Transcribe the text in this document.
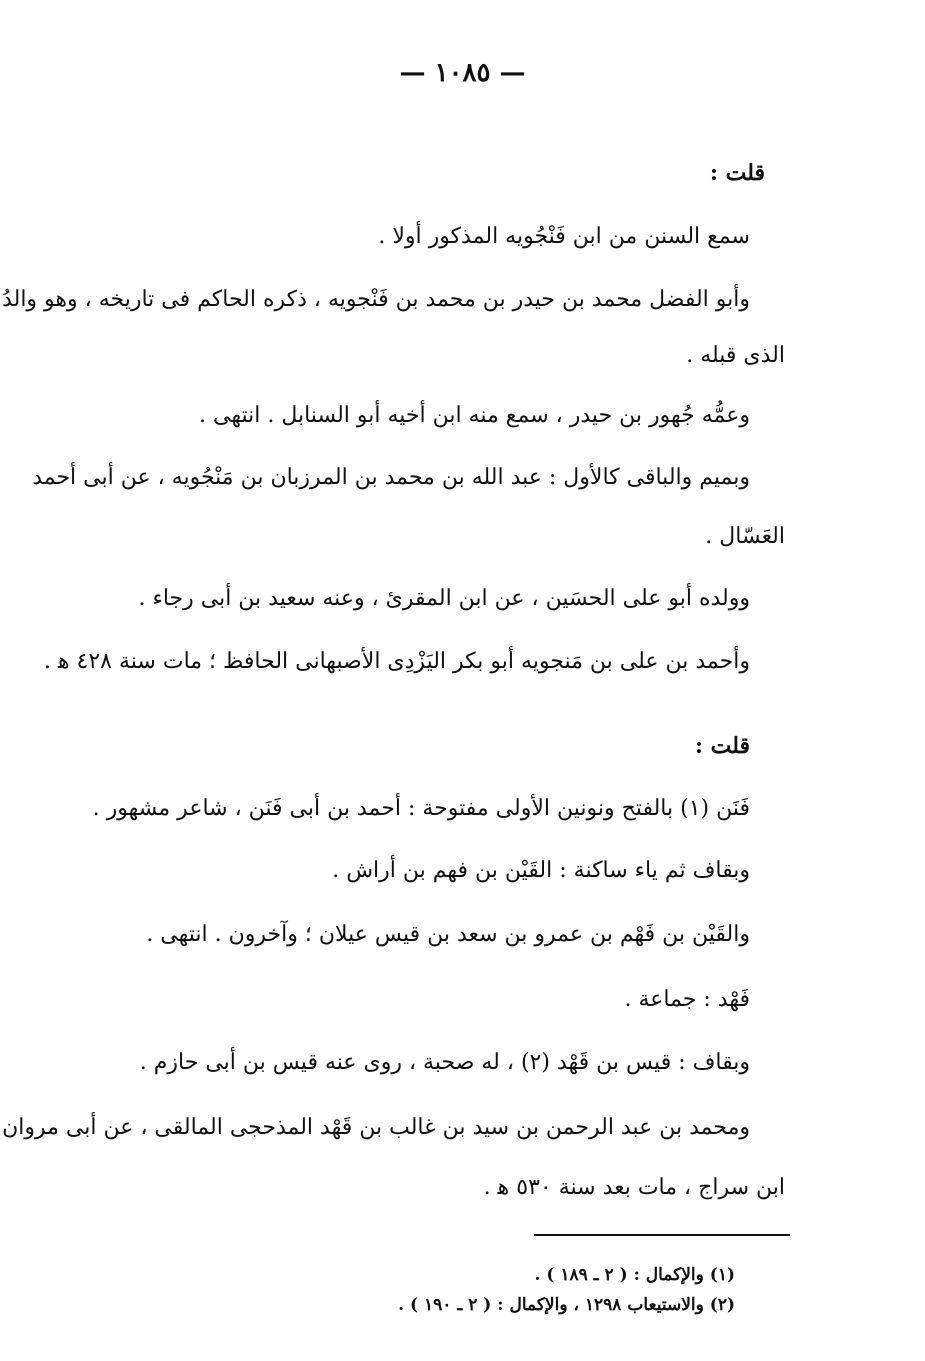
— ١٠٨٥ —
قلت :
سمع السنن من ابن فَنْجُويه المذكور أولا .
وأبو الفضل محمد بن حيدر بن محمد بن فَنْجويه ، ذكره الحاكم فى تاريخه ، وهو والدُ
الذى قبله .
وعمُّه جُهور بن حيدر ، سمع منه ابن أخيه أبو السنابل . انتهى .
وبميم والباقى كالأول : عبد الله بن محمد بن المرزبان بن مَنْجُويه ، عن أبى أحمد
العَسّال .
وولده أبو على الحسَين ، عن ابن المقرئ ، وعنه سعيد بن أبى رجاء .
وأحمد بن على بن مَنجويه أبو بكر اليَزْدِى الأصبهانى الحافظ ؛ مات سنة ٤٢٨ ﻫ .
قلت :
فَنَن (١) بالفتح ونونين الأولى مفتوحة : أحمد بن أبى فَنَن ، شاعر مشهور .
وبقاف ثم ياء ساكنة : القَيْن بن فهم بن أراش .
والقَيْن بن فَهْم بن عمرو بن سعد بن قيس عيلان ؛ وآخرون . انتهى .
فَهْد : جماعة .
وبقاف : قيس بن قَهْد (٢) ، له صحبة ، روى عنه قيس بن أبى حازم .
ومحمد بن عبد الرحمن بن سيد بن غالب بن قَهْد المذحجى المالقى ، عن أبى مروان
ابن سراج ، مات بعد سنة ٥٣٠ ﻫ .
(١) والإكمال : ( ٢ ـ ١٨٩ ) .
(٢) والاستيعاب ١٢٩٨ ، والإكمال : ( ٢ ـ ١٩٠ ) .
